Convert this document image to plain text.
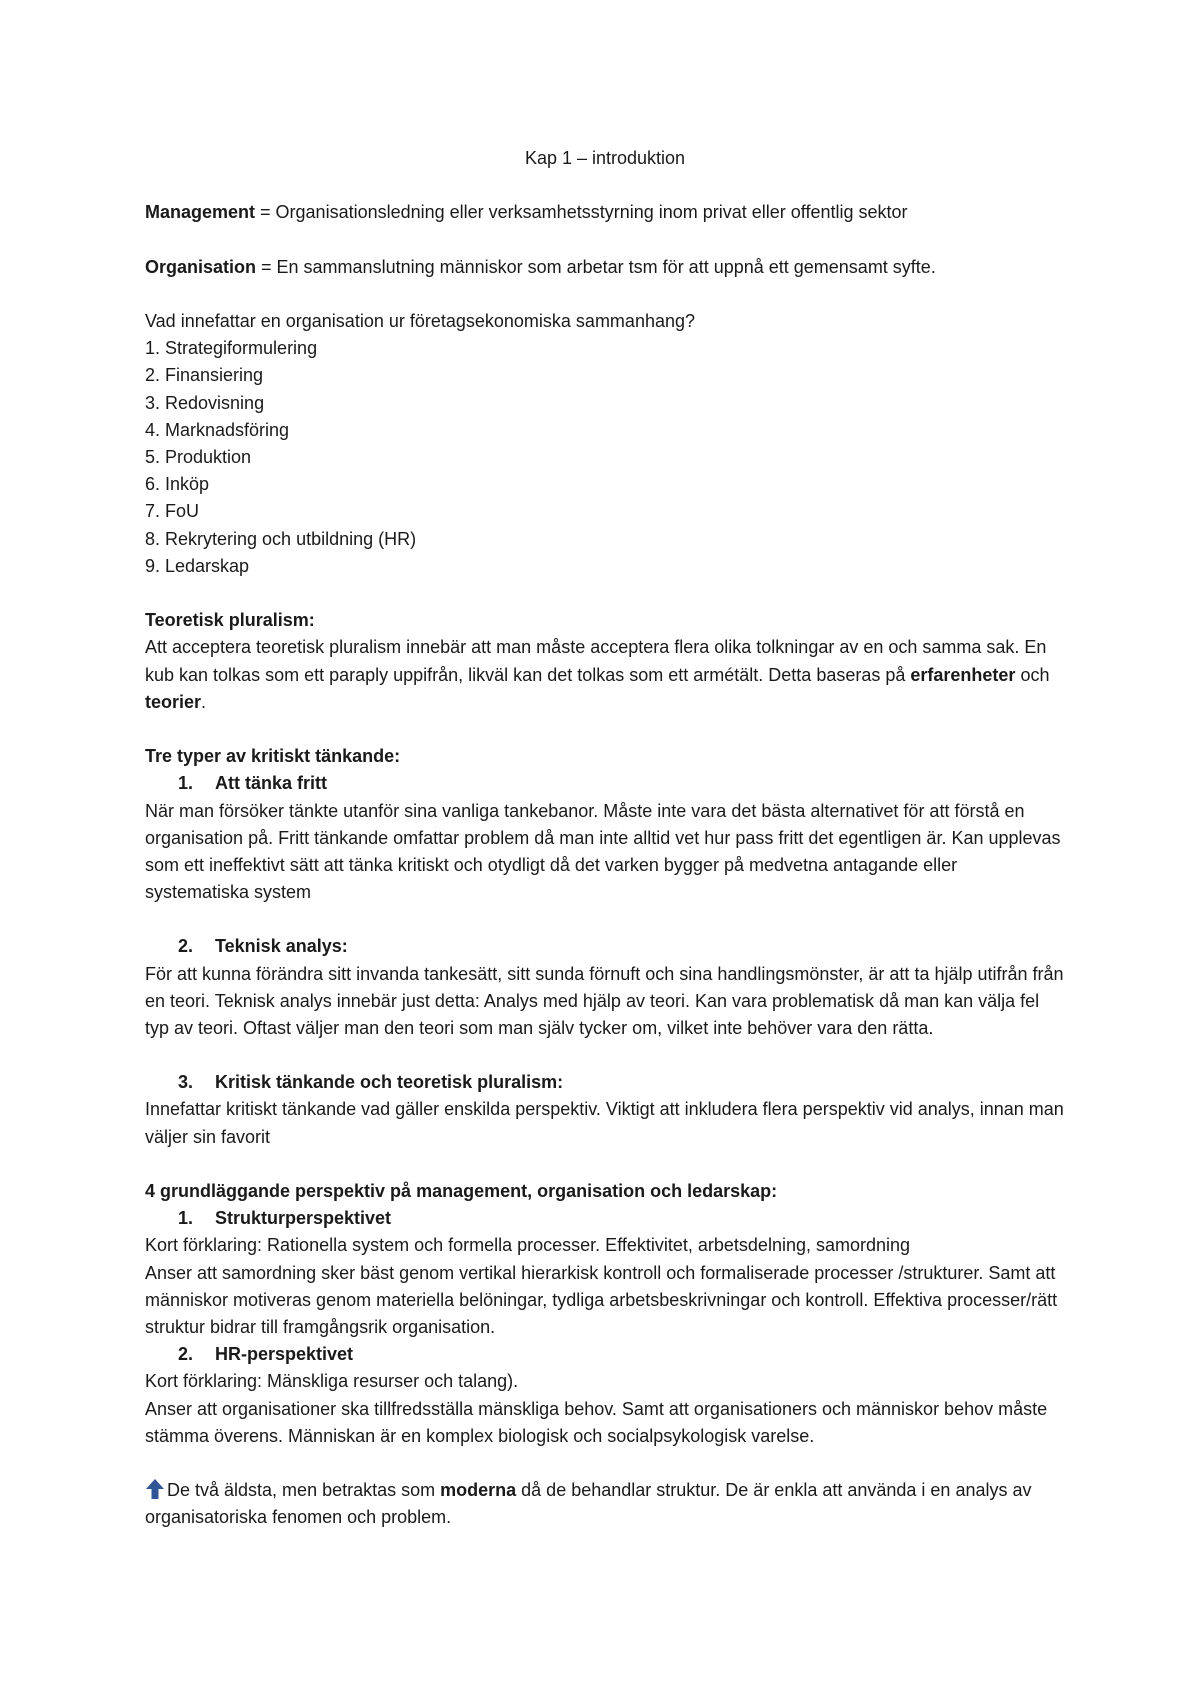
Kap 1 – introduktion

Management = Organisationsledning eller verksamhetsstyrning inom privat eller offentlig sektor

Organisation = En sammanslutning människor som arbetar tsm för att uppnå ett gemensamt syfte.

Vad innefattar en organisation ur företagsekonomiska sammanhang?

1. Strategiformulering

2. Finansiering

3. Redovisning

4. Marknadsföring

5. Produktion

6. Inköp

7. FoU

8. Rekrytering och utbildning (HR)

9. Ledarskap

Teoretisk pluralism:

Att acceptera teoretisk pluralism innebär att man måste acceptera flera olika tolkningar av en och samma sak. En kub kan tolkas som ett paraply uppifrån, likväl kan det tolkas som ett armétält. Detta baseras på erfarenheter och teorier.

Tre typer av kritiskt tänkande:

1. Att tänka fritt

När man försöker tänkte utanför sina vanliga tankebanor. Måste inte vara det bästa alternativet för att förstå en organisation på. Fritt tänkande omfattar problem då man inte alltid vet hur pass fritt det egentligen är. Kan upplevas som ett ineffektivt sätt att tänka kritiskt och otydligt då det varken bygger på medvetna antagande eller systematiska system

2. Teknisk analys:

För att kunna förändra sitt invanda tankesätt, sitt sunda förnuft och sina handlingsmönster, är att ta hjälp utifrån från en teori. Teknisk analys innebär just detta: Analys med hjälp av teori. Kan vara problematisk då man kan välja fel typ av teori. Oftast väljer man den teori som man själv tycker om, vilket inte behöver vara den rätta.

3. Kritisk tänkande och teoretisk pluralism:

Innefattar kritiskt tänkande vad gäller enskilda perspektiv. Viktigt att inkludera flera perspektiv vid analys, innan man väljer sin favorit

4 grundläggande perspektiv på management, organisation och ledarskap:

1. Strukturperspektivet

Kort förklaring: Rationella system och formella processer. Effektivitet, arbetsdelning, samordning

Anser att samordning sker bäst genom vertikal hierarkisk kontroll och formaliserade processer /strukturer. Samt att människor motiveras genom materiella belöningar, tydliga arbetsbeskrivningar och kontroll. Effektiva processer/rätt struktur bidrar till framgångsrik organisation.

2. HR-perspektivet

Kort förklaring: Mänskliga resurser och talang).

Anser att organisationer ska tillfredsställa mänskliga behov. Samt att organisationers och människor behov måste stämma överens. Människan är en komplex biologisk och socialpsykologisk varelse.

De två äldsta, men betraktas som moderna då de behandlar struktur. De är enkla att använda i en analys av organisatoriska fenomen och problem.
